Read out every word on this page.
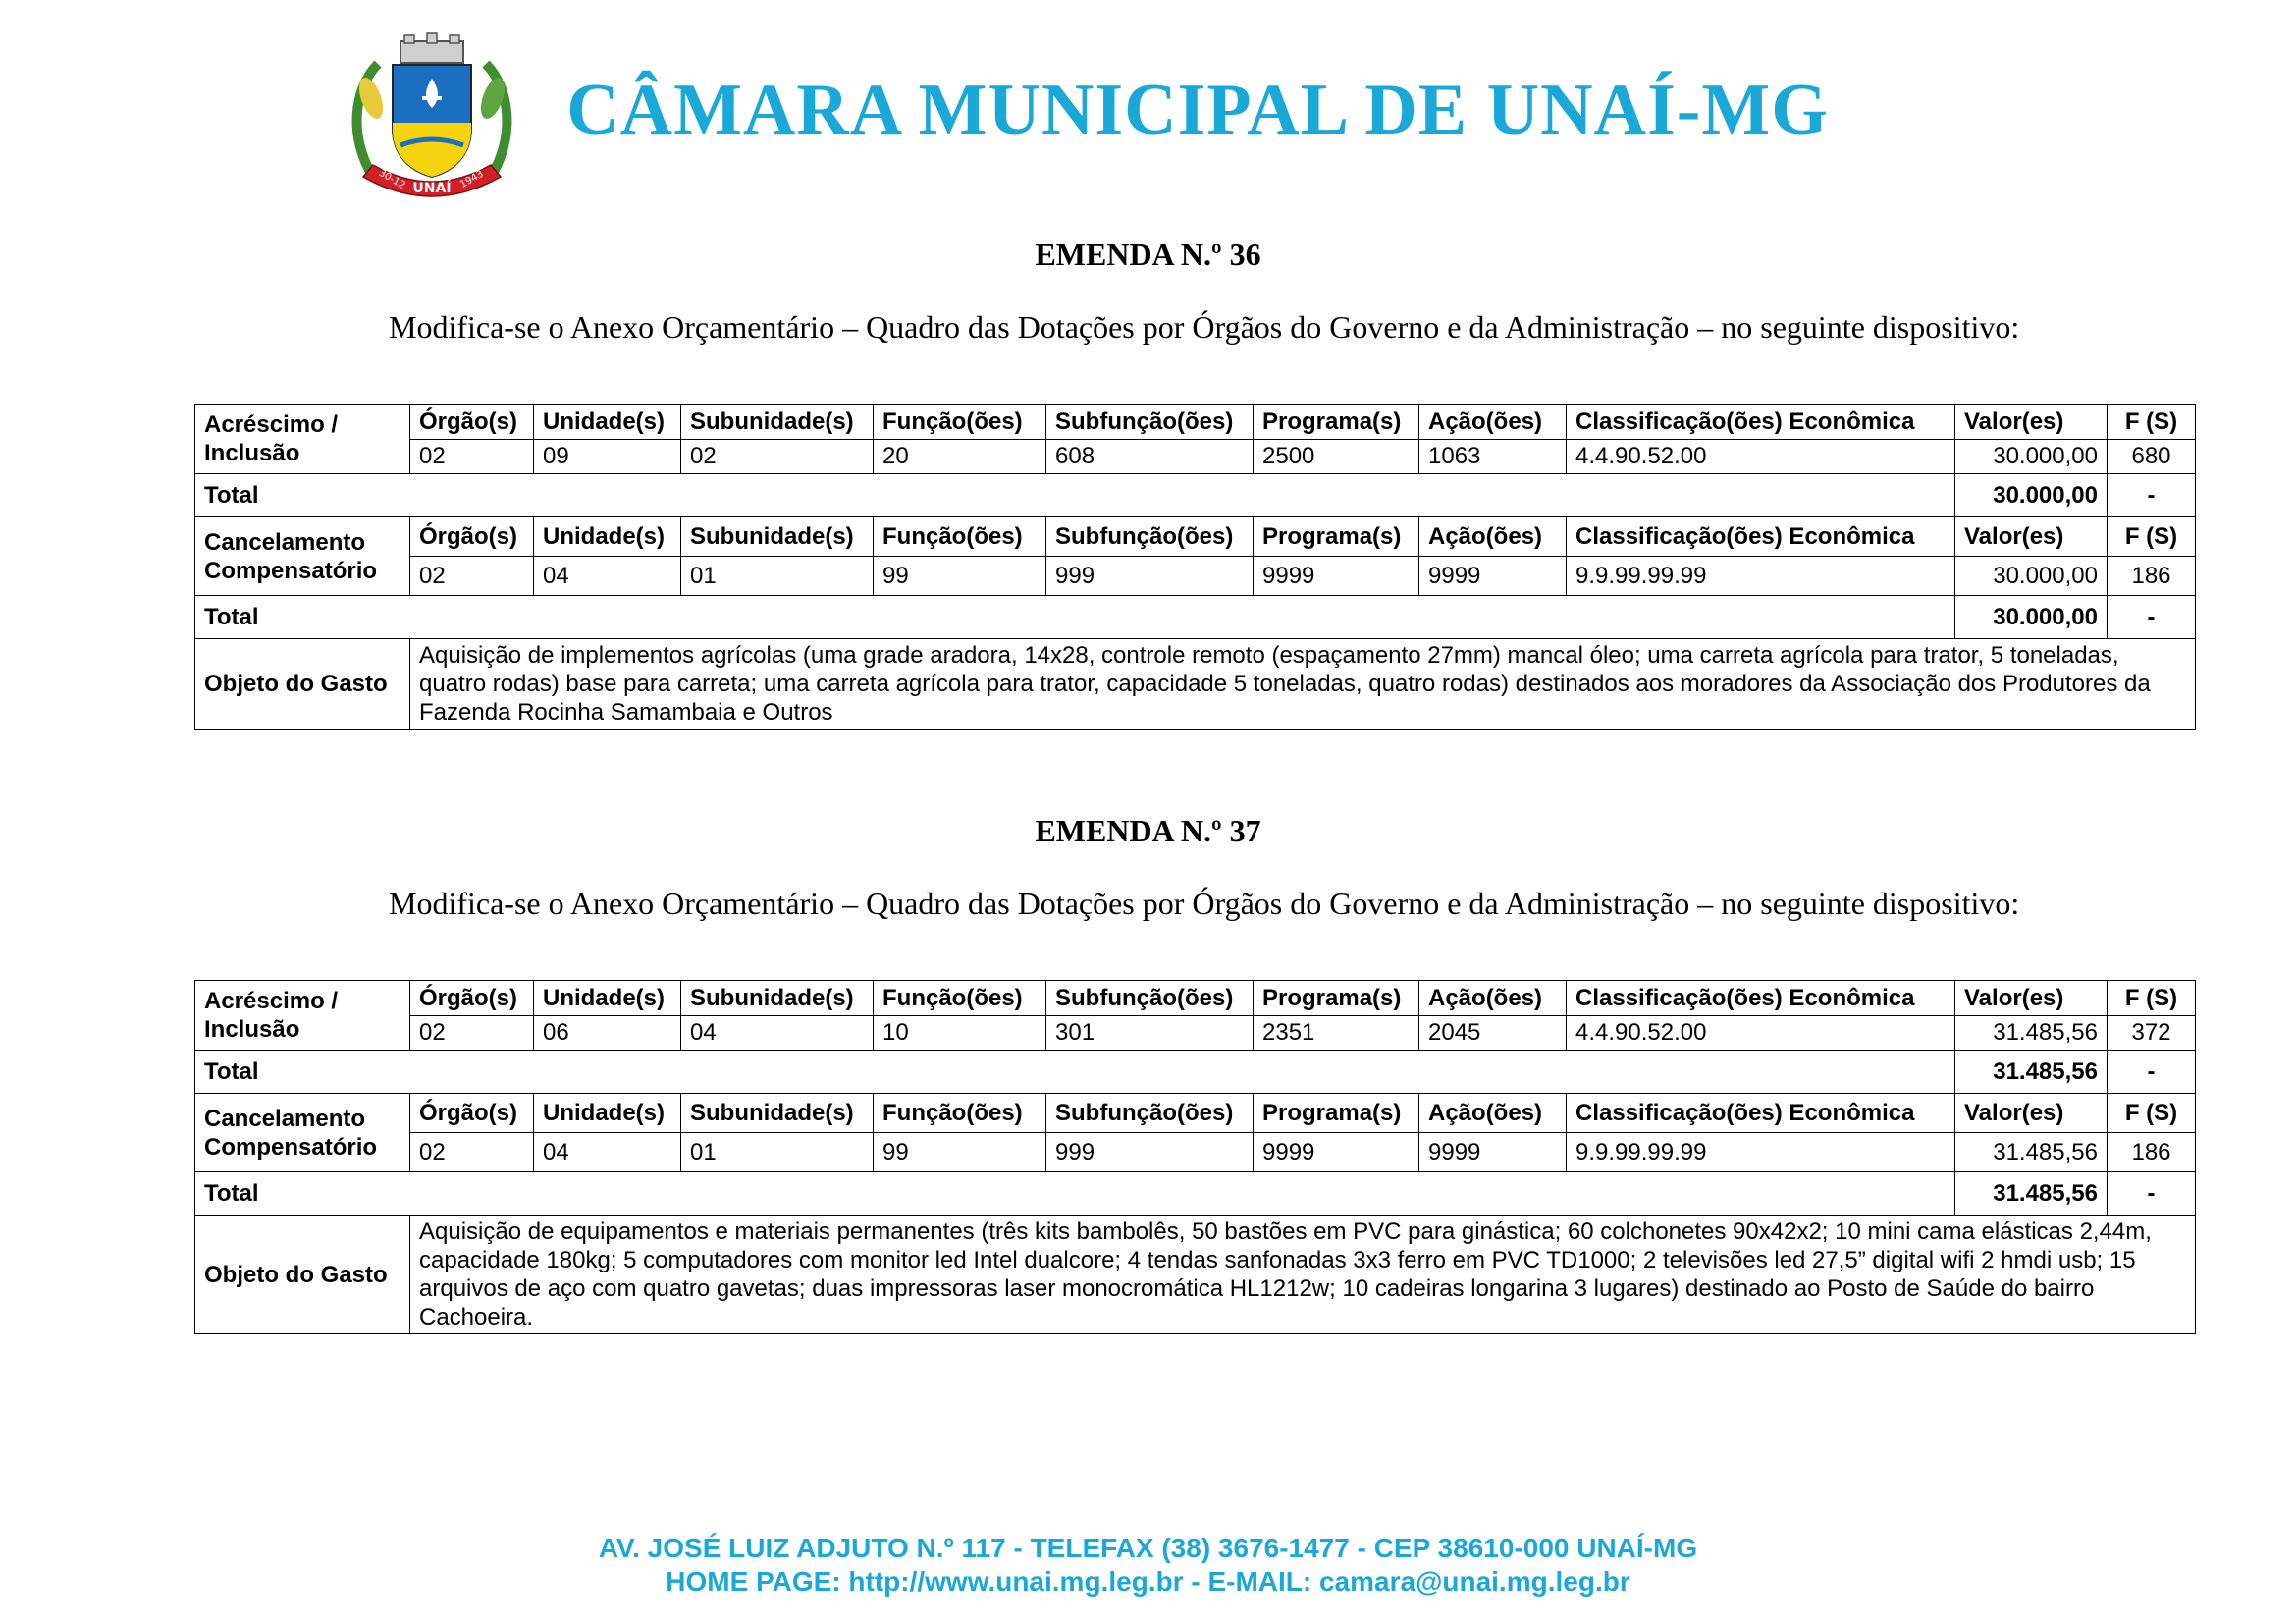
UNAÍ
30-12	1943
CÂMARA MUNICIPAL DE UNAÍ-MG
EMENDA N.º 36
Modifica-se o Anexo Orçamentário – Quadro das Dotações por Órgãos do Governo e da Administração – no seguinte dispositivo:
Acréscimo / Inclusão	Órgão(s)	Unidade(s)	Subunidade(s)	Função(ões)	Subfunção(ões)	Programa(s)	Ação(ões)	Classificação(ões) Econômica	Valor(es)	F (S)
	02	09	02	20	608	2500	1063	4.4.90.52.00	30.000,00	680
Total									30.000,00	-
Cancelamento Compensatório	Órgão(s)	Unidade(s)	Subunidade(s)	Função(ões)	Subfunção(ões)	Programa(s)	Ação(ões)	Classificação(ões) Econômica	Valor(es)	F (S)
	02	04	01	99	999	9999	9999	9.9.99.99.99	30.000,00	186
Total									30.000,00	-
Objeto do Gasto	Aquisição de implementos agrícolas (uma grade aradora, 14x28, controle remoto (espaçamento 27mm) mancal óleo; uma carreta agrícola para trator, 5 toneladas, quatro rodas) base para carreta; uma carreta agrícola para trator, capacidade 5 toneladas, quatro rodas) destinados aos moradores da Associação dos Produtores da Fazenda Rocinha Samambaia e Outros									
EMENDA N.º 37
Modifica-se o Anexo Orçamentário – Quadro das Dotações por Órgãos do Governo e da Administração – no seguinte dispositivo:
Acréscimo / Inclusão	Órgão(s)	Unidade(s)	Subunidade(s)	Função(ões)	Subfunção(ões)	Programa(s)	Ação(ões)	Classificação(ões) Econômica	Valor(es)	F (S)
	02	06	04	10	301	2351	2045	4.4.90.52.00	31.485,56	372
Total									31.485,56	-
Cancelamento Compensatório	Órgão(s)	Unidade(s)	Subunidade(s)	Função(ões)	Subfunção(ões)	Programa(s)	Ação(ões)	Classificação(ões) Econômica	Valor(es)	F (S)
	02	04	01	99	999	9999	9999	9.9.99.99.99	31.485,56	186
Total									31.485,56	-
Objeto do Gasto	Aquisição de equipamentos e materiais permanentes (três kits bambolês, 50 bastões em PVC para ginástica; 60 colchonetes 90x42x2; 10 mini cama elásticas 2,44m, capacidade 180kg; 5 computadores com monitor led Intel dualcore; 4 tendas sanfonadas 3x3 ferro em PVC TD1000; 2 televisões led 27,5” digital wifi 2 hmdi usb; 15 arquivos de aço com quatro gavetas; duas impressoras laser monocromática HL1212w; 10 cadeiras longarina 3 lugares) destinado ao Posto de Saúde do bairro Cachoeira.									
AV. JOSÉ LUIZ ADJUTO N.º 117 - TELEFAX (38) 3676-1477 - CEP 38610-000 UNAÍ-MG
HOME PAGE: http://www.unai.mg.leg.br - E-MAIL: camara@unai.mg.leg.br
